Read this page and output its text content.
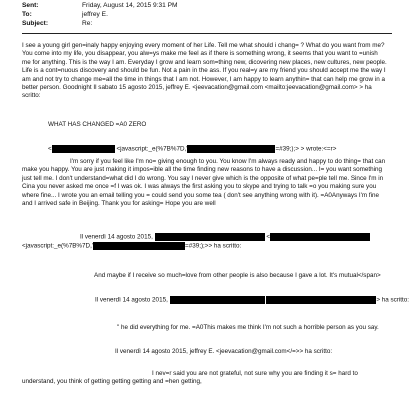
Sent:	Friday, August 14, 2015 9:31 PM
To:	jeffrey E.
Subject:	Re:
I see a young girl gen=inaly happy enjoying every moment of her Life. Tell me what should i chang= ? What do you want from me? You come into my life, you disappear, you alw=ys make me feel as if there is something wrong, it seems that you want to =unish me for anything. This is the way I am. Everyday I grow and learn som=thing new, dicovering new places, new cultures, new people. Life is a cont=nuous discovery and should be fun. Not a pain in the ass. If you real=y are my friend you should accept me the way I am and not try to change me=all the time in things that I am not. However, I am happy to learn anythin= that can help me grow in a better person. Goodnight Il sabato 15 agosto 2015, jeffrey E. <jeevacation@gmail.com <mailto:jeevacation@gmail.com> > ha scritto:
WHAT HAS CHANGED =A0 ZERO
<	<javascript:_e(%7B%7D,'	=#39;);> > wrote:<=r>
I'm sorry if you feel like I'm no= giving enough to you. You know I'm always ready and happy to do thing= that can make you happy. You are just making it impos=ible all the time finding new reasons to have a discussion... I= you want something just tell me. I don't understand=what did I do wrong. You say I never give which is the opposite of what pe=ple tell me. Since I'm in Cina you never asked me once =f I was ok. I was always the first asking you to skype and trying to talk =o you making sure you where fine... I wrote you an email telling you = could send you some tea ( don't see anything wrong with it). =A0Anyways I'm fine and I arrived safe in Beijing. Thank you for asking= Hope you are well
Il venerdì 14 agosto 2015,	<
<javascript:_e(%7B%7D,'	=#39;);>> ha scritto:
And maybe if I receive so much=love from other people is also because I gave a lot. It's mutual</span>
Il venerdì 14 agosto 2015,	> ha scritto:
" he did everything for me. =A0This makes me think I'm not such a horrible person as you say.
Il venerdì 14 agosto 2015, jeffrey E. <jeevacation@gmail.com</=>> ha scritto:
I nev=r said you are not grateful, not sure why you are finding it s= hard to understand, you think of getting getting getting and =hen getting,
